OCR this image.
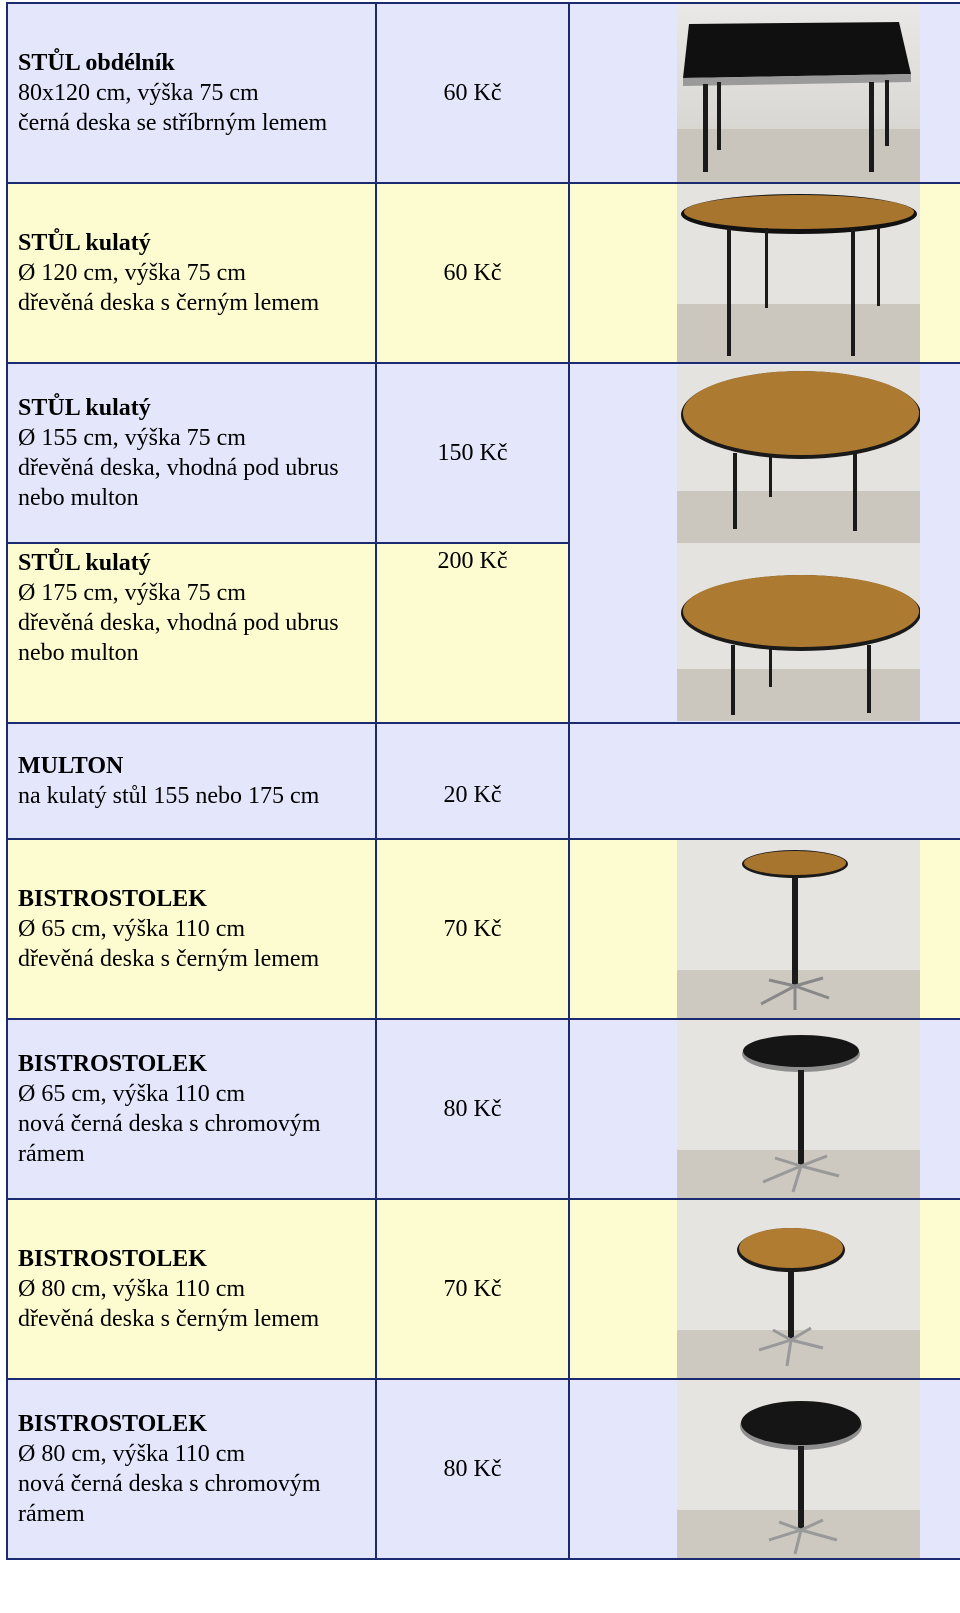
STŮL obdélník
80x120 cm, výška 75 cm
černá deska se stříbrným lemem	60 Kč

STŮL kulatý
Ø 120 cm, výška 75 cm
dřevěná deska s černým lemem	60 Kč

STŮL kulatý
Ø 155 cm, výška 75 cm
dřevěná deska, vhodná pod ubrus
nebo multon	150 Kč

STŮL kulatý
Ø 175 cm, výška 75 cm
dřevěná deska, vhodná pod ubrus
nebo multon	200 Kč	

MULTON
na kulatý stůl 155 nebo 175 cm	20 Kč	

BISTROSTOLEK
Ø 65 cm, výška 110 cm
dřevěná deska s černým lemem	70 Kč

BISTROSTOLEK
Ø 65 cm, výška 110 cm
nová černá deska s chromovým
rámem	80 Kč

BISTROSTOLEK
Ø 80 cm, výška 110 cm
dřevěná deska s černým lemem	70 Kč

BISTROSTOLEK
Ø 80 cm, výška 110 cm
nová černá deska s chromovým
rámem	80 Kč
